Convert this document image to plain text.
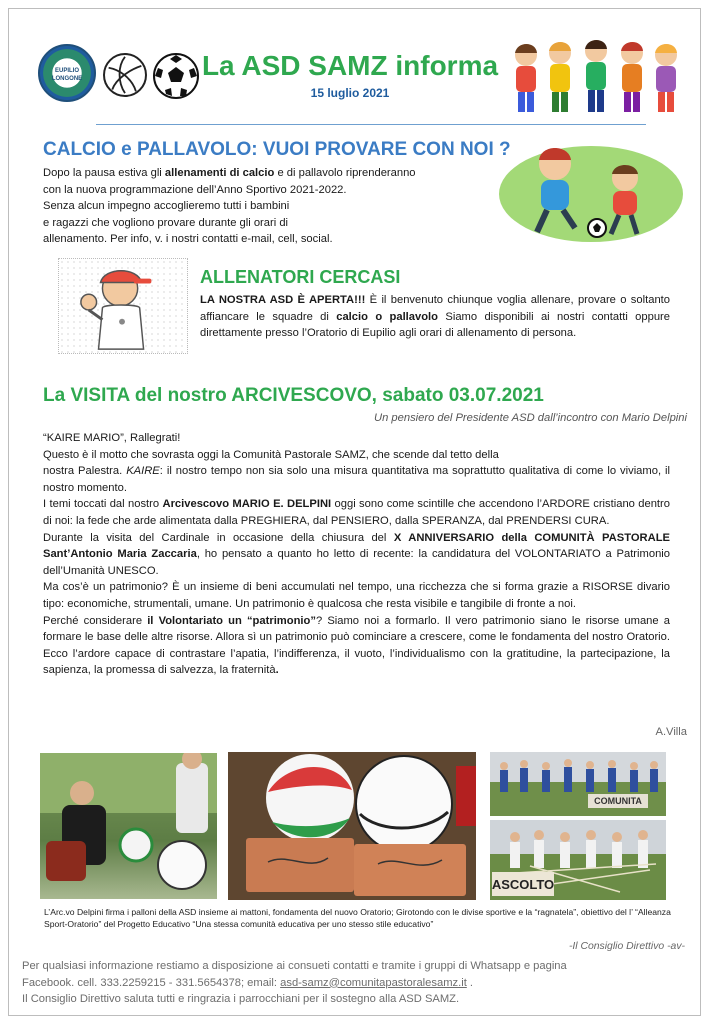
EUPILIO
LONGONE	La ASD SAMZ informa
15 luglio 2021
CALCIO e PALLAVOLO: VUOI PROVARE CON NOI ?
Dopo la pausa estiva gli allenamenti di calcio e di pallavolo riprenderanno
con la nuova programmazione dell’Anno Sportivo 2021-2022.
Senza alcun impegno accoglieremo tutti i bambini
e ragazzi che vogliono provare durante gli orari di
allenamento. Per info, v. i nostri contatti e-mail, cell, social.
ALLENATORI CERCASI
LA NOSTRA ASD È APERTA!!! È il benvenuto chiunque voglia allenare, provare o soltanto affiancare le squadre di calcio o pallavolo Siamo disponibili ai nostri contatti oppure direttamente presso l’Oratorio di Eupilio agli orari di allenamento di persona.
La VISITA del nostro ARCIVESCOVO, sabato 03.07.2021
Un pensiero del Presidente ASD dall’incontro con Mario Delpini
“KAIRE MARIO”, Rallegrati!
Questo è il motto che sovrasta oggi la Comunità Pastorale SAMZ, che scende dal tetto della
nostra Palestra. KAIRE: il nostro tempo non sia solo una misura quantitativa ma soprattutto qualitativa di come lo viviamo, il nostro momento.
I temi toccati dal nostro Arcivescovo MARIO E. DELPINI oggi sono come scintille che accendono l’ARDORE cristiano dentro di noi: la fede che arde alimentata dalla PREGHIERA, dal PENSIERO, dalla SPERANZA, dal PRENDERSI CURA.
Durante la visita del Cardinale in occasione della chiusura del X ANNIVERSARIO della COMUNITÀ PASTORALE Sant’Antonio Maria Zaccaria, ho pensato a quanto ho letto di recente: la candidatura del VOLONTARIATO a Patrimonio dell’Umanità UNESCO.
Ma cos’è un patrimonio? È un insieme di beni accumulati nel tempo, una ricchezza che si forma grazie a RISORSE divario tipo: economiche, strumentali, umane. Un patrimonio è qualcosa che resta visibile e tangibile di fronte a noi.
Perché considerare il Volontariato un “patrimonio”? Siamo noi a formarlo. Il vero patrimonio siano le risorse umane a formare le base delle altre risorse. Allora sì un patrimonio può cominciare a crescere, come le fondamenta del nostro Oratorio. Ecco l’ardore capace di contrastare l’apatia, l’indifferenza, il vuoto, l’individualismo con la gratitudine, la partecipazione, la sapienza, la promessa di salvezza, la fraternità.
A.Villa
COMUNITA
ASCOLTO
L’Arc.vo Delpini firma i palloni della ASD insieme ai mattoni, fondamenta del nuovo Oratorio; Girotondo con le divise sportive e la “ragnatela”, obiettivo del l’ “Alleanza Sport-Oratorio” del Progetto Educativo “Una stessa comunità educativa per uno stesso stile educativo”
-Il Consiglio Direttivo -av-
Per qualsiasi informazione restiamo a disposizione ai consueti contatti e tramite i gruppi di Whatsapp e pagina
Facebook. cell. 333.2259215 - 331.5654378; email: asd-samz@comunitapastoralesamz.it .
Il Consiglio Direttivo saluta tutti e ringrazia i parrocchiani per il sostegno alla ASD SAMZ.
